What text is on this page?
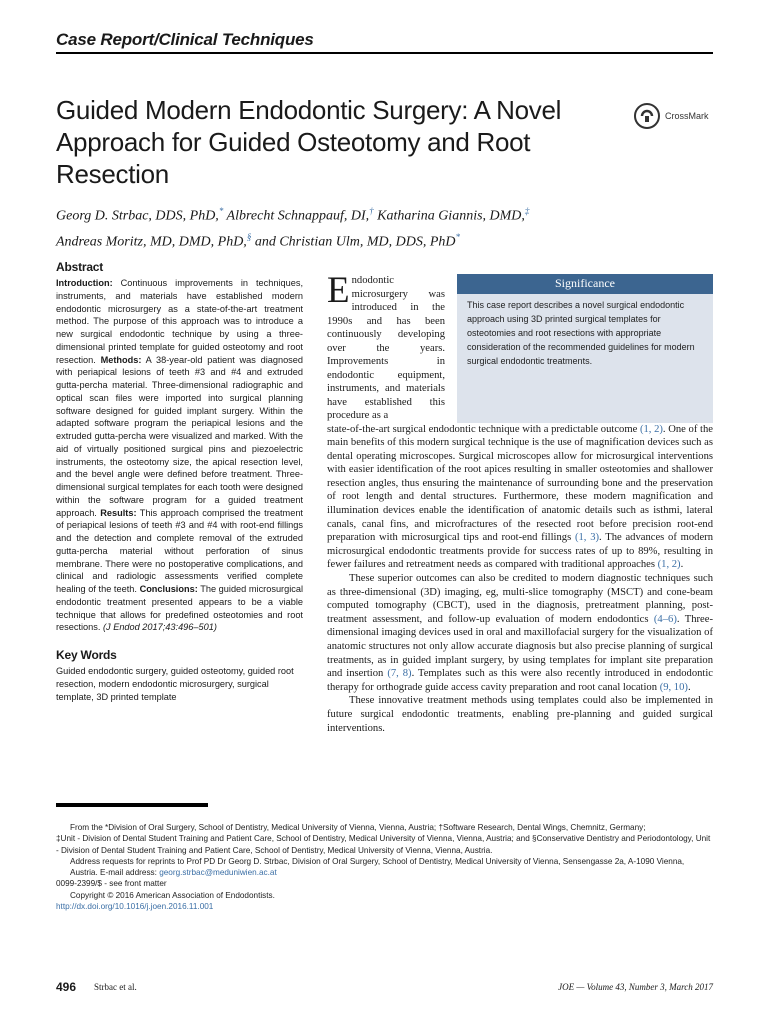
Case Report/Clinical Techniques
Guided Modern Endodontic Surgery: A Novel Approach for Guided Osteotomy and Root Resection
CrossMark
Georg D. Strbac, DDS, PhD,* Albrecht Schnappauf, DI,† Katharina Giannis, DMD,‡
Andreas Moritz, MD, DMD, PhD,§ and Christian Ulm, MD, DDS, PhD*
Abstract

Introduction: Continuous improvements in techniques, instruments, and materials have established modern endodontic microsurgery as a state-of-the-art treatment method. The purpose of this approach was to introduce a new surgical endodontic technique by using a three-dimensional printed template for guided osteotomy and root resection. Methods: A 38-year-old patient was diagnosed with periapical lesions of teeth #3 and #4 and extruded gutta-percha material. Three-dimensional radiographic and optical scan files were imported into surgical planning software designed for guided implant surgery. Within the adapted software program the periapical lesions and the extruded gutta-percha were visualized and marked. With the aid of virtually positioned surgical pins and piezoelectric instruments, the osteotomy size, the apical resection level, and the bevel angle were defined before treatment. Three-dimensional surgical templates for each tooth were designed within the software program for a guided treatment approach. Results: This approach comprised the treatment of periapical lesions of teeth #3 and #4 with root-end fillings and the detection and complete removal of the extruded gutta-percha material without perforation of sinus membrane. There were no postoperative complications, and clinical and radiologic assessments verified complete healing of the teeth. Conclusions: The guided microsurgical endodontic treatment presented appears to be a viable technique that allows for predefined osteotomies and root resections. (J Endod 2017;43:496–501)

Key Words

Guided endodontic surgery, guided osteotomy, guided root resection, modern endodontic microsurgery, surgical template, 3D printed template

Endodontic microsurgery was introduced in the 1990s and has been continuously developing over the years. Improvements in endodontic equipment, instruments, and materials have established this procedure as a

Significance
This case report describes a novel surgical endodontic approach using 3D printed surgical templates for osteotomies and root resections with appropriate consideration of the recommended guidelines for modern surgical endodontic treatments.

state-of-the-art surgical endodontic technique with a predictable outcome (1, 2). One of the main benefits of this modern surgical technique is the use of magnification devices such as dental operating microscopes. Surgical microscopes allow for microsurgical interventions with easier identification of the root apices resulting in smaller osteotomies and shallower resection angles, thus ensuring the maintenance of surrounding bone and the preservation of root length and dental structures. Furthermore, these modern magnification and illumination devices enable the identification of anatomic details such as isthmi, lateral canals, canal fins, and microfractures of the resected root before precision root-end preparation with microsurgical tips and root-end fillings (1, 3). The advances of modern microsurgical endodontic treatments provide for success rates of up to 89%, resulting in fewer failures and retreatment needs as compared with traditional approaches (1, 2).

These superior outcomes can also be credited to modern diagnostic techniques such as three-dimensional (3D) imaging, eg, multi-slice tomography (MSCT) and cone-beam computed tomography (CBCT), used in the diagnosis, pretreatment planning, post-treatment assessment, and follow-up evaluation of modern endodontics (4–6). Three-dimensional imaging devices used in oral and maxillofacial surgery for the visualization of anatomic structures not only allow accurate diagnosis but also precise planning of surgical treatments, as in guided implant surgery, by using templates for implant site preparation and insertion (7, 8). Templates such as this were also recently introduced in endodontic therapy for orthograde guide access cavity preparation and root canal location (9, 10).

These innovative treatment methods using templates could also be implemented in future surgical endodontic treatments, enabling pre-planning and guided surgical interventions.

From the *Division of Oral Surgery, School of Dentistry, Medical University of Vienna, Vienna, Austria; †Software Research, Dental Wings, Chemnitz, Germany;

‡Unit - Division of Dental Student Training and Patient Care, School of Dentistry, Medical University of Vienna, Vienna, Austria; and §Conservative Dentistry and Periodontology, Unit - Division of Dental Student Training and Patient Care, School of Dentistry, Medical University of Vienna, Vienna, Austria.

Address requests for reprints to Prof PD Dr Georg D. Strbac, Division of Oral Surgery, School of Dentistry, Medical University of Vienna, Sensengasse 2a, A-1090 Vienna, Austria. E-mail address: georg.strbac@meduniwien.ac.at

0099-2399/$ - see front matter

Copyright © 2016 American Association of Endodontists.

http://dx.doi.org/10.1016/j.joen.2016.11.001

496 Strbac et al.	JOE — Volume 43, Number 3, March 2017
